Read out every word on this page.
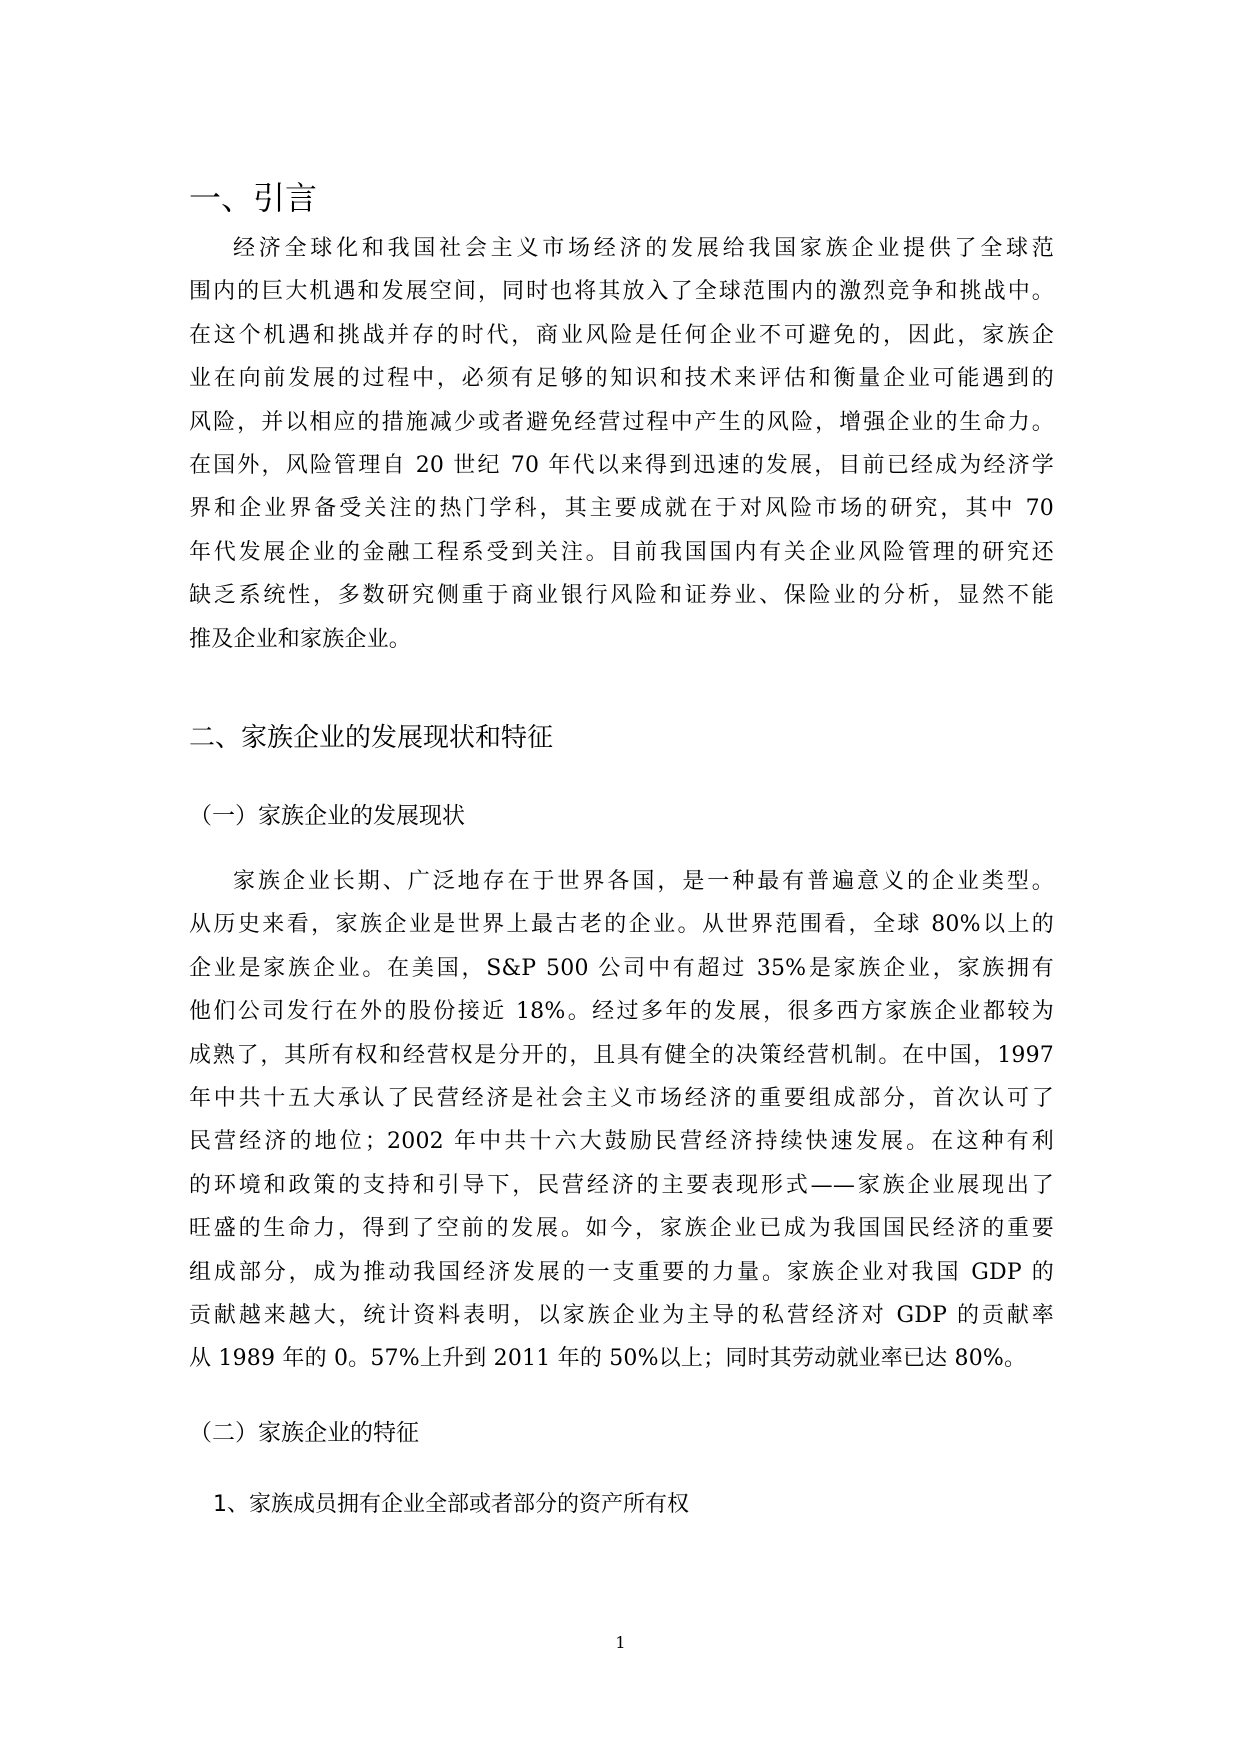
一、引言
经济全球化和我国社会主义市场经济的发展给我国家族企业提供了全球范
围内的巨大机遇和发展空间，同时也将其放入了全球范围内的激烈竞争和挑战中。
在这个机遇和挑战并存的时代，商业风险是任何企业不可避免的，因此，家族企
业在向前发展的过程中，必须有足够的知识和技术来评估和衡量企业可能遇到的
风险，并以相应的措施减少或者避免经营过程中产生的风险，增强企业的生命力。
在国外，风险管理自 20 世纪 70 年代以来得到迅速的发展，目前已经成为经济学
界和企业界备受关注的热门学科，其主要成就在于对风险市场的研究，其中 70
年代发展企业的金融工程系受到关注。目前我国国内有关企业风险管理的研究还
缺乏系统性，多数研究侧重于商业银行风险和证券业、保险业的分析，显然不能
推及企业和家族企业。
二、家族企业的发展现状和特征
（一）家族企业的发展现状
家族企业长期、广泛地存在于世界各国，是一种最有普遍意义的企业类型。
从历史来看，家族企业是世界上最古老的企业。从世界范围看，全球 80%以上的
企业是家族企业。在美国，S&P 500 公司中有超过 35%是家族企业，家族拥有
他们公司发行在外的股份接近 18%。经过多年的发展，很多西方家族企业都较为
成熟了，其所有权和经营权是分开的，且具有健全的决策经营机制。在中国，1997
年中共十五大承认了民营经济是社会主义市场经济的重要组成部分，首次认可了
民营经济的地位；2002 年中共十六大鼓励民营经济持续快速发展。在这种有利
的环境和政策的支持和引导下，民营经济的主要表现形式——家族企业展现出了
旺盛的生命力，得到了空前的发展。如今，家族企业已成为我国国民经济的重要
组成部分，成为推动我国经济发展的一支重要的力量。家族企业对我国 GDP 的
贡献越来越大，统计资料表明，以家族企业为主导的私营经济对 GDP 的贡献率
从 1989 年的 0。57%上升到 2011 年的 50%以上；同时其劳动就业率已达 80%。
（二）家族企业的特征
1、家族成员拥有企业全部或者部分的资产所有权
1
